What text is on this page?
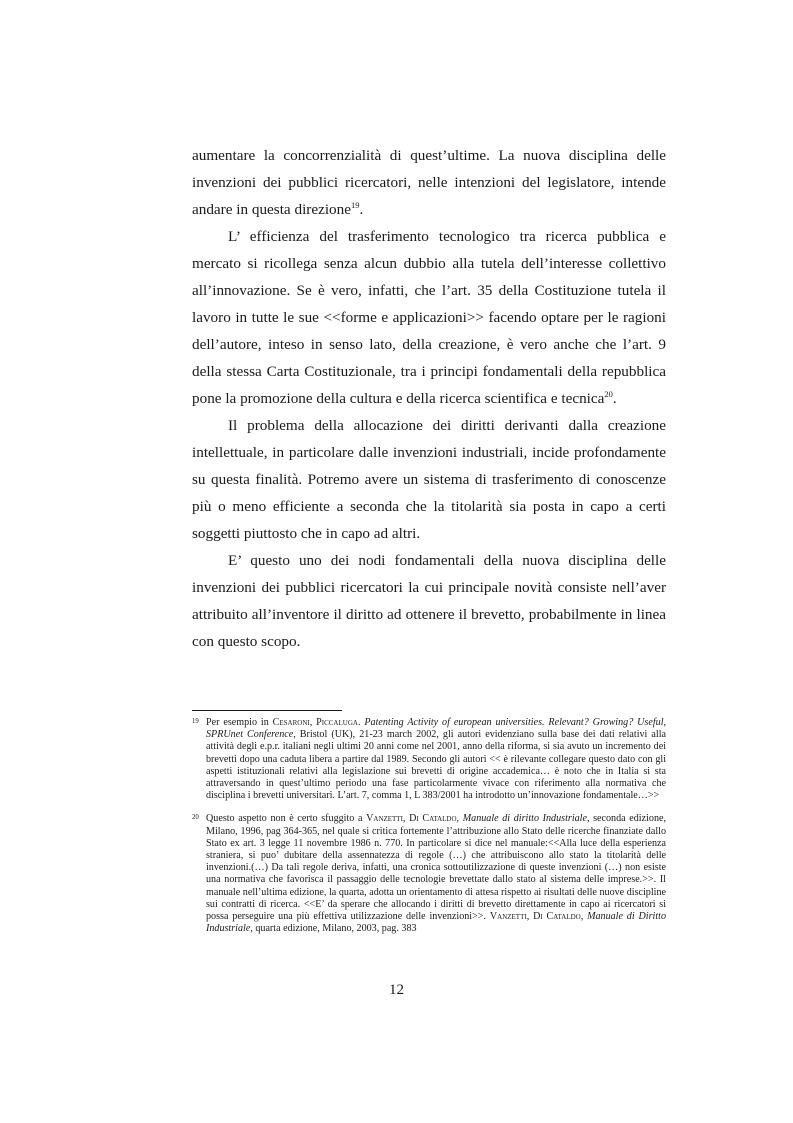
aumentare la concorrenzialità di quest’ultime. La nuova disciplina delle invenzioni dei pubblici ricercatori, nelle intenzioni del legislatore, intende andare in questa direzione$^{19}$.

L’ efficienza del trasferimento tecnologico tra ricerca pubblica e mercato si ricollega senza alcun dubbio alla tutela dell’interesse collettivo all’innovazione. Se è vero, infatti, che l’art. 35 della Costituzione tutela il lavoro in tutte le sue <<forme e applicazioni>> facendo optare per le ragioni dell’autore, inteso in senso lato, della creazione, è vero anche che l’art. 9 della stessa Carta Costituzionale, tra i principi fondamentali della repubblica pone la promozione della cultura e della ricerca scientifica e tecnica$^{20}$.

Il problema della allocazione dei diritti derivanti dalla creazione intellettuale, in particolare dalle invenzioni industriali, incide profondamente su questa finalità. Potremo avere un sistema di trasferimento di conoscenze più o meno efficiente a seconda che la titolarità sia posta in capo a certi soggetti piuttosto che in capo ad altri.

E’ questo uno dei nodi fondamentali della nuova disciplina delle invenzioni dei pubblici ricercatori la cui principale novità consiste nell’aver attribuito all’inventore il diritto ad ottenere il brevetto, probabilmente in linea con questo scopo.

19 Per esempio in Cesaroni, Piccaluga. Patenting Activity of european universities. Relevant? Growing? Useful, SPRUnet Conference, Bristol (UK), 21-23 march 2002, gli autori evidenziano sulla base dei dati relativi alla attività degli e.p.r. italiani negli ultimi 20 anni come nel 2001, anno della riforma, si sia avuto un incremento dei brevetti dopo una caduta libera a partire dal 1989. Secondo gli autori << è rilevante collegare questo dato con gli aspetti istituzionali relativi alla legislazione sui brevetti di origine accademica… è noto che in Italia si sta attraversando in quest’ultimo periodo una fase particolarmente vivace con riferimento alla normativa che disciplina i brevetti universitari. L’art. 7, comma 1, L 383/2001 ha introdotto un’innovazione fondamentale…>>

20 Questo aspetto non è certo sfuggito a Vanzetti, Di Cataldo, Manuale di diritto Industriale, seconda edizione, Milano, 1996, pag 364-365, nel quale si critica fortemente l’attribuzione allo Stato delle ricerche finanziate dallo Stato ex art. 3 legge 11 novembre 1986 n. 770. In particolare si dice nel manuale:<<Alla luce della esperienza straniera, si puo’ dubitare della assennatezza di regole (…) che attribuiscono allo stato la titolarità delle invenzioni.(…) Da tali regole deriva, infatti, una cronica sottoutilizzazione di queste invenzioni (…) non esiste una normativa che favorisca il passaggio delle tecnologie brevettate dallo stato al sistema delle imprese.>>. Il manuale nell’ultima edizione, la quarta, adotta un orientamento di attesa rispetto ai risultati delle nuove discipline sui contratti di ricerca. <<E’ da sperare che allocando i diritti di brevetto direttamente in capo ai ricercatori si possa perseguire una più effettiva utilizzazione delle invenzioni>>. Vanzetti, Di Cataldo, Manuale di Diritto Industriale, quarta edizione, Milano, 2003, pag. 383

12
